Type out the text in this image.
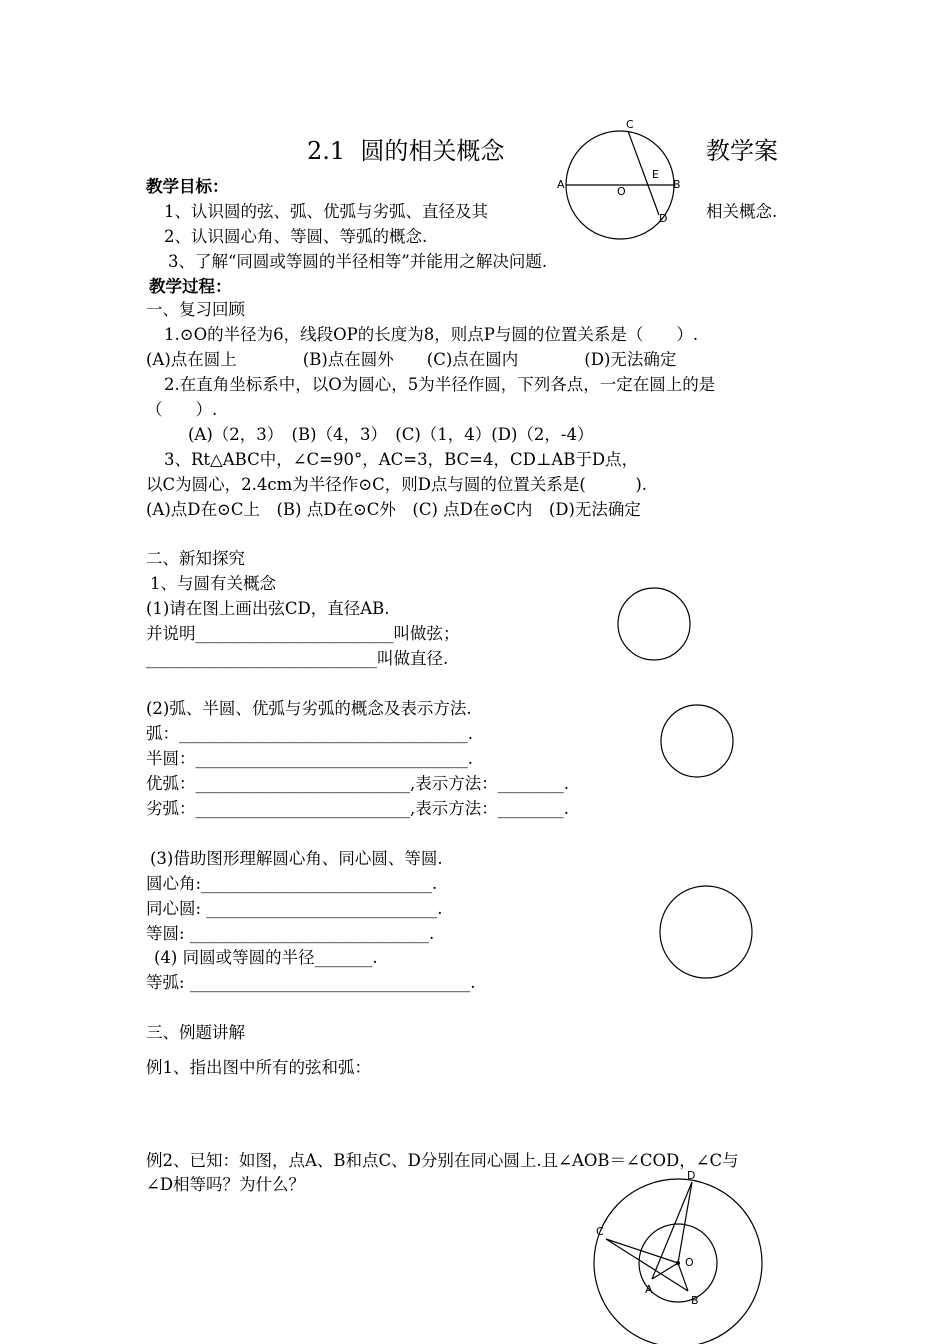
2.1  圆的相关概念	教学案
A	B
C
D
E
O
教学目标：
1、认识圆的弦、弧、优弧与劣弧、直径及其	相关概念.
2、认识圆心角、等圆、等弧的概念.
3、了解“同圆或等圆的半径相等”并能用之解决问题.
教学过程：
一、复习回顾
1.⊙O的半径为6，线段OP的长度为8，则点P与圆的位置关系是（　　）.
(A)点在圆上　　　　(B)点在圆外　　(C)点在圆内　　　　(D)无法确定
2.在直角坐标系中，以O为圆心，5为半径作圆，下列各点，一定在圆上的是
（　　）.
(A)（2，3）　(B)（4，3）　(C)（1，4）(D)（2，-4）
3、Rt△ABC中，∠C=90°，AC=3，BC=4，CD⊥AB于D点，
以C为圆心，2.4cm为半径作⊙C，则D点与圆的位置关系是(　　　).
(A)点D在⊙C上　(B) 点D在⊙C外　(C) 点D在⊙C内　(D)无法确定
二、新知探究
1、与圆有关概念
(1)请在图上画出弦CD，直径AB.
并说明________________________叫做弦；
____________________________叫做直径.
(2)弧、半圆、优弧与劣弧的概念及表示方法.
弧：___________________________________.
半圆：_________________________________.
优弧：__________________________,表示方法：________.
劣弧：__________________________,表示方法：________.
(3)借助图形理解圆心角、同心圆、等圆.
圆心角:____________________________.
同心圆: ____________________________.
等圆: _____________________________.
(4) 同圆或等圆的半径_______.
等弧: __________________________________.
三、例题讲解
例1、指出图中所有的弦和弧：
例2、已知：如图，点A、B和点C、D分别在同心圆上.且∠AOB＝∠COD，∠C与
∠D相等吗？为什么？
A
B
C
D
O
